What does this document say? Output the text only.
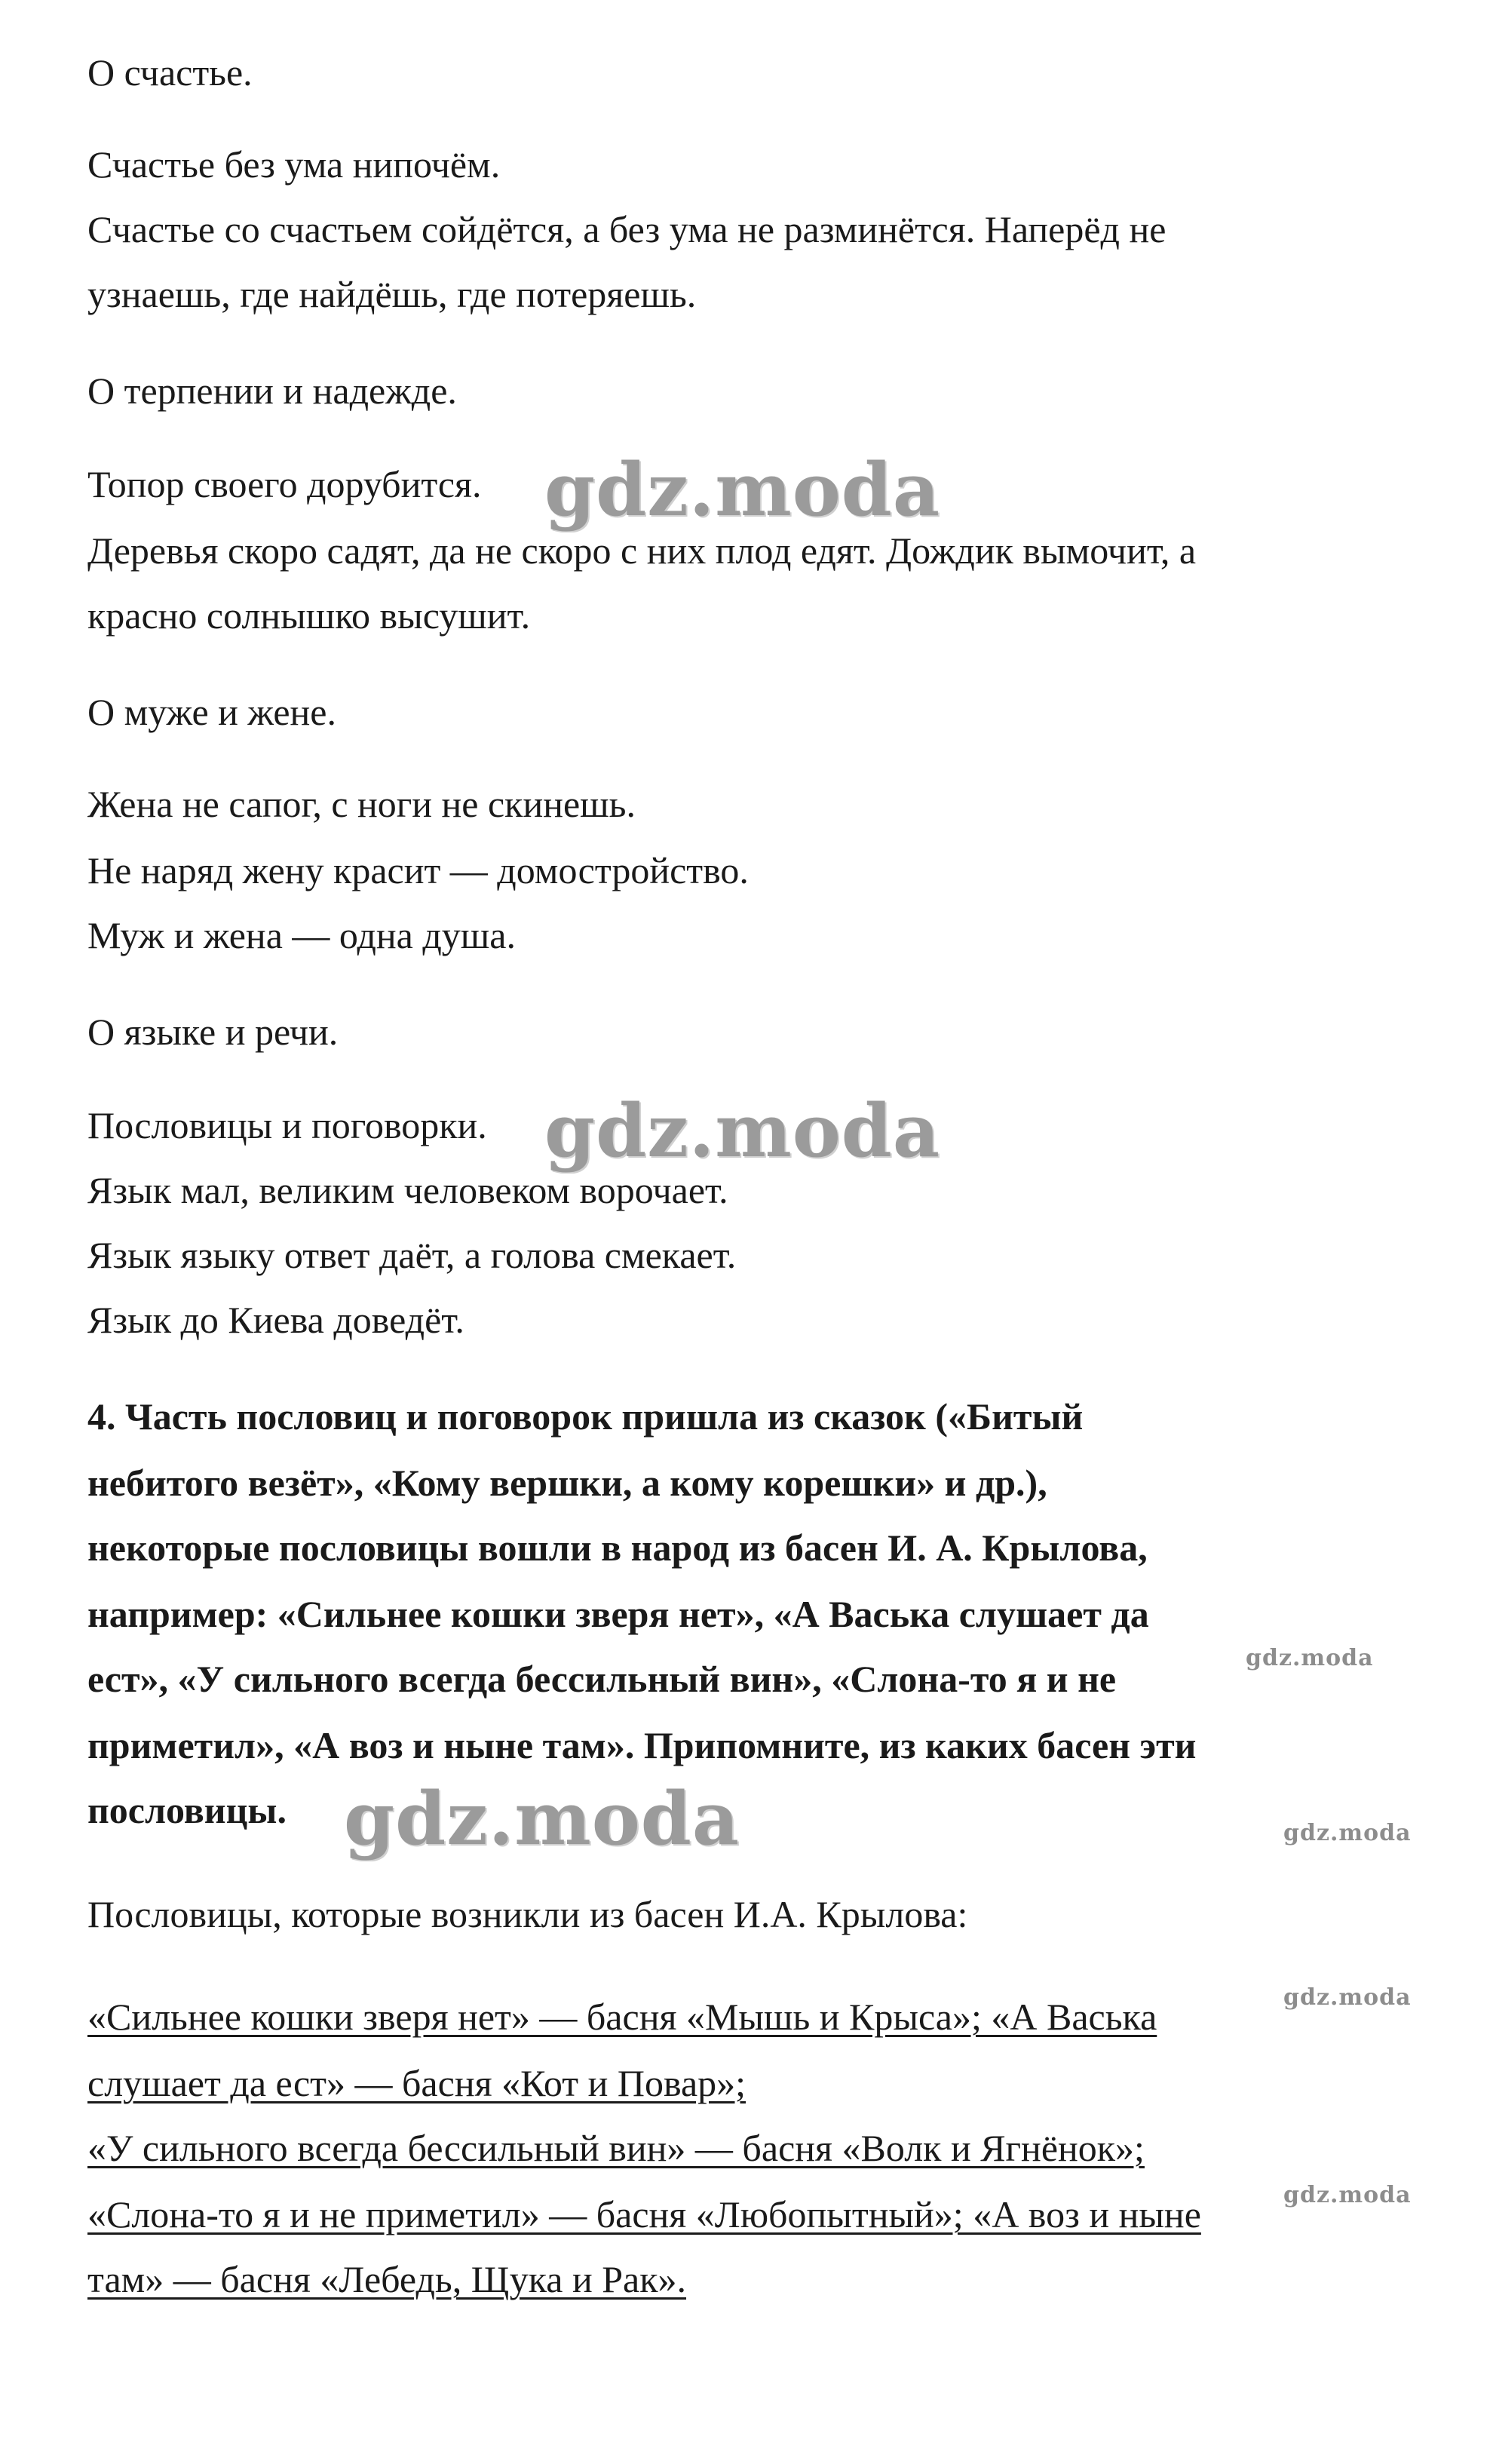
О счастье.
Счастье без ума нипочём.
Счастье со счастьем сойдётся, а без ума не разминётся. Наперёд не
узнаешь, где найдёшь, где потеряешь.
О терпении и надежде.
Топор своего дорубится.
Деревья скоро садят, да не скоро с них плод едят. Дождик вымочит, а
красно солнышко высушит.
О муже и жене.
Жена не сапог, с ноги не скинешь.
Не наряд жену красит — домостройство.
Муж и жена — одна душа.
О языке и речи.
Пословицы и поговорки.
Язык мал, великим человеком ворочает.
Язык языку ответ даёт, а голова смекает.
Язык до Киева доведёт.
4. Часть пословиц и поговорок пришла из сказок («Битый
небитого везёт», «Кому вершки, а кому корешки» и др.),
некоторые пословицы вошли в народ из басен И. А. Крылова,
например: «Сильнее кошки зверя нет», «А Васька слушает да
ест», «У сильного всегда бессильный вин», «Слона-то я и не
приметил», «А воз и ныне там». Припомните, из каких басен эти
пословицы.
Пословицы, которые возникли из басен И.А. Крылова:
«Сильнее кошки зверя нет» — басня «Мышь и Крыса»; «А Васька
слушает да ест» — басня «Кот и Повар»;
«У сильного всегда бессильный вин» — басня «Волк и Ягнёнок»;
«Слона-то я и не приметил» — басня «Любопытный»; «А воз и ныне
там» — басня «Лебедь, Щука и Рак».
gdz.moda
gdz.moda
gdz.moda
gdz.moda
gdz.moda
gdz.moda
gdz.moda
